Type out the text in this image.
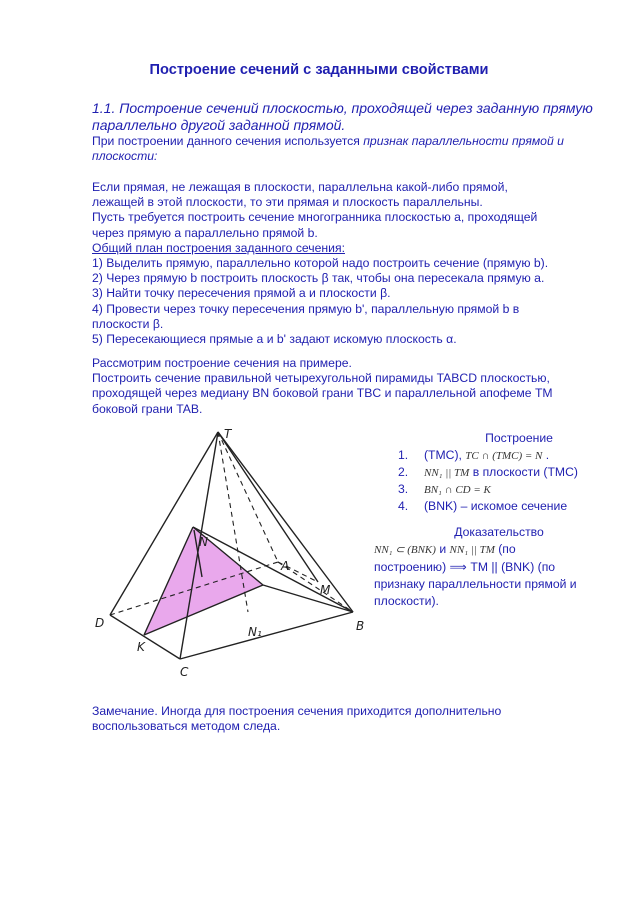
Построение сечений с заданными свойствами

1.1. Построение сечений плоскостью, проходящей через заданную прямую параллельно другой заданной прямой.

При построении данного сечения используется признак параллельности прямой и плоскости:

Если прямая, не лежащая в плоскости, параллельна какой-либо прямой,

лежащей в этой плоскости, то эти прямая и плоскость параллельны.

Пусть требуется построить сечение многогранника плоскостью a, проходящей

через прямую a параллельно прямой b.

Общий план построения заданного сечения:

1) Выделить прямую, параллельно которой надо построить сечение (прямую b).

2) Через прямую b построить плоскость β так, чтобы она пересекала прямую a.

3) Найти точку пересечения прямой a и плоскости β.

4) Провести через точку пересечения прямую b', параллельную прямой b в

плоскости β.

5) Пересекающиеся прямые a и b' задают искомую плоскость α.

Рассмотрим построение сечения на примере.

Построить сечение правильной четырехугольной пирамиды TABCD плоскостью,

проходящей через медиану BN боковой грани TBC и параллельной апофеме TM

боковой грани TAB.

T
N
A
M
D
K
N₁	B
C
Построение
1. (TMC), TC ∩ (TMC) = N .
2. NN₁ || TM в плоскости (TMC)
3. BN₁ ∩ CD = K
4. (BNK) – искомое сечение
Доказательство
NN₁ ⊂ (BNK) и NN₁ || TM (по
построению) ⟹ TM || (BNK) (по
признаку параллельности прямой и
плоскости).

Замечание. Иногда для построения сечения приходится дополнительно

воспользоваться методом следа.
